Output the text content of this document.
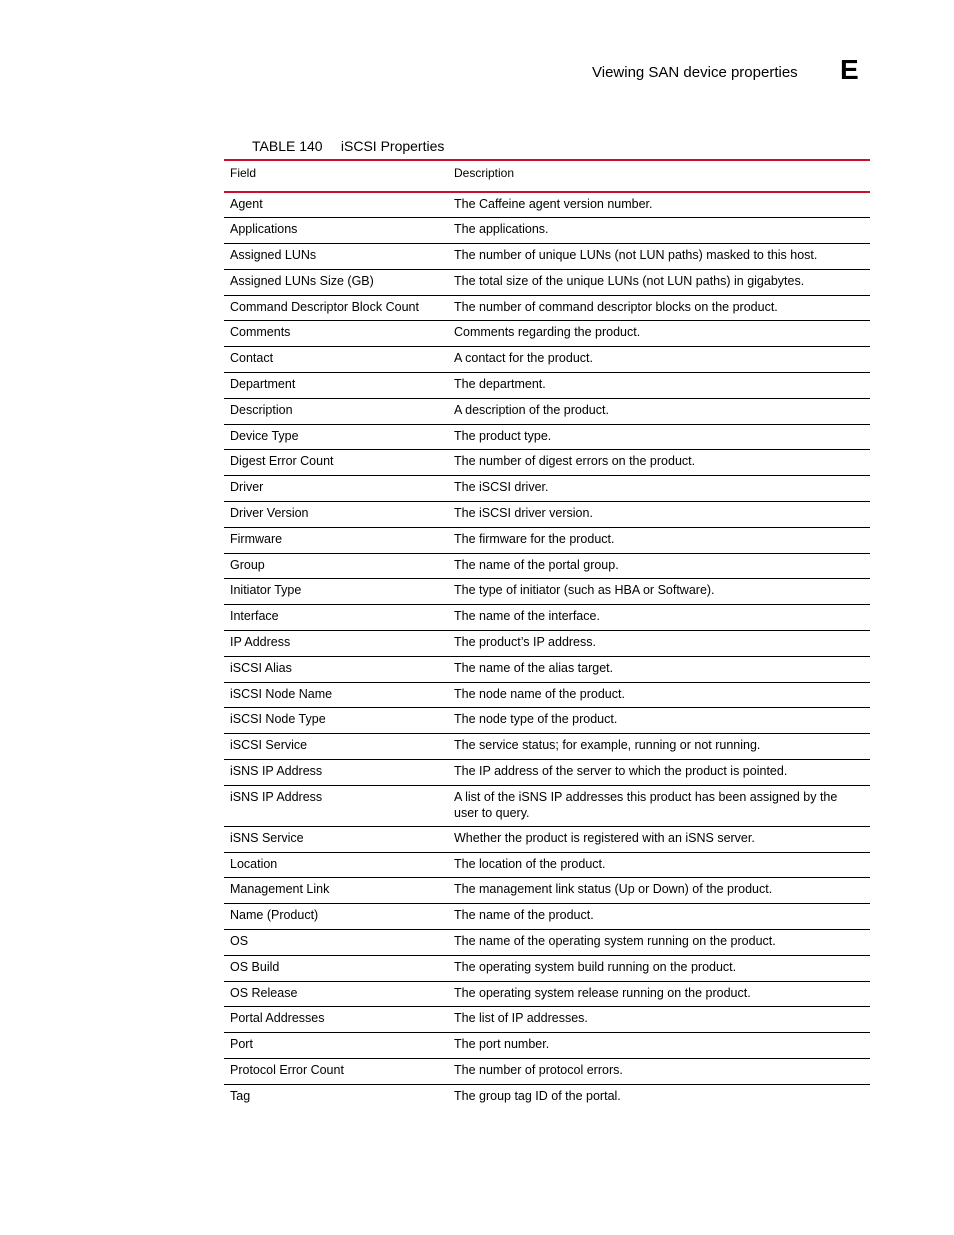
Viewing SAN device properties E
TABLE 140 iSCSI Properties
Field	Description
Agent	The Caffeine agent version number.
Applications	The applications.
Assigned LUNs	The number of unique LUNs (not LUN paths) masked to this host.
Assigned LUNs Size (GB)	The total size of the unique LUNs (not LUN paths) in gigabytes.
Command Descriptor Block Count	The number of command descriptor blocks on the product.
Comments	Comments regarding the product.
Contact	A contact for the product.
Department	The department.
Description	A description of the product.
Device Type	The product type.
Digest Error Count	The number of digest errors on the product.
Driver	The iSCSI driver.
Driver Version	The iSCSI driver version.
Firmware	The firmware for the product.
Group	The name of the portal group.
Initiator Type	The type of initiator (such as HBA or Software).
Interface	The name of the interface.
IP Address	The product’s IP address.
iSCSI Alias	The name of the alias target.
iSCSI Node Name	The node name of the product.
iSCSI Node Type	The node type of the product.
iSCSI Service	The service status; for example, running or not running.
iSNS IP Address	The IP address of the server to which the product is pointed.
iSNS IP Address	A list of the iSNS IP addresses this product has been assigned by the user to query.
iSNS Service	Whether the product is registered with an iSNS server.
Location	The location of the product.
Management Link	The management link status (Up or Down) of the product.
Name (Product)	The name of the product.
OS	The name of the operating system running on the product.
OS Build	The operating system build running on the product.
OS Release	The operating system release running on the product.
Portal Addresses	The list of IP addresses.
Port	The port number.
Protocol Error Count	The number of protocol errors.
Tag	The group tag ID of the portal.
